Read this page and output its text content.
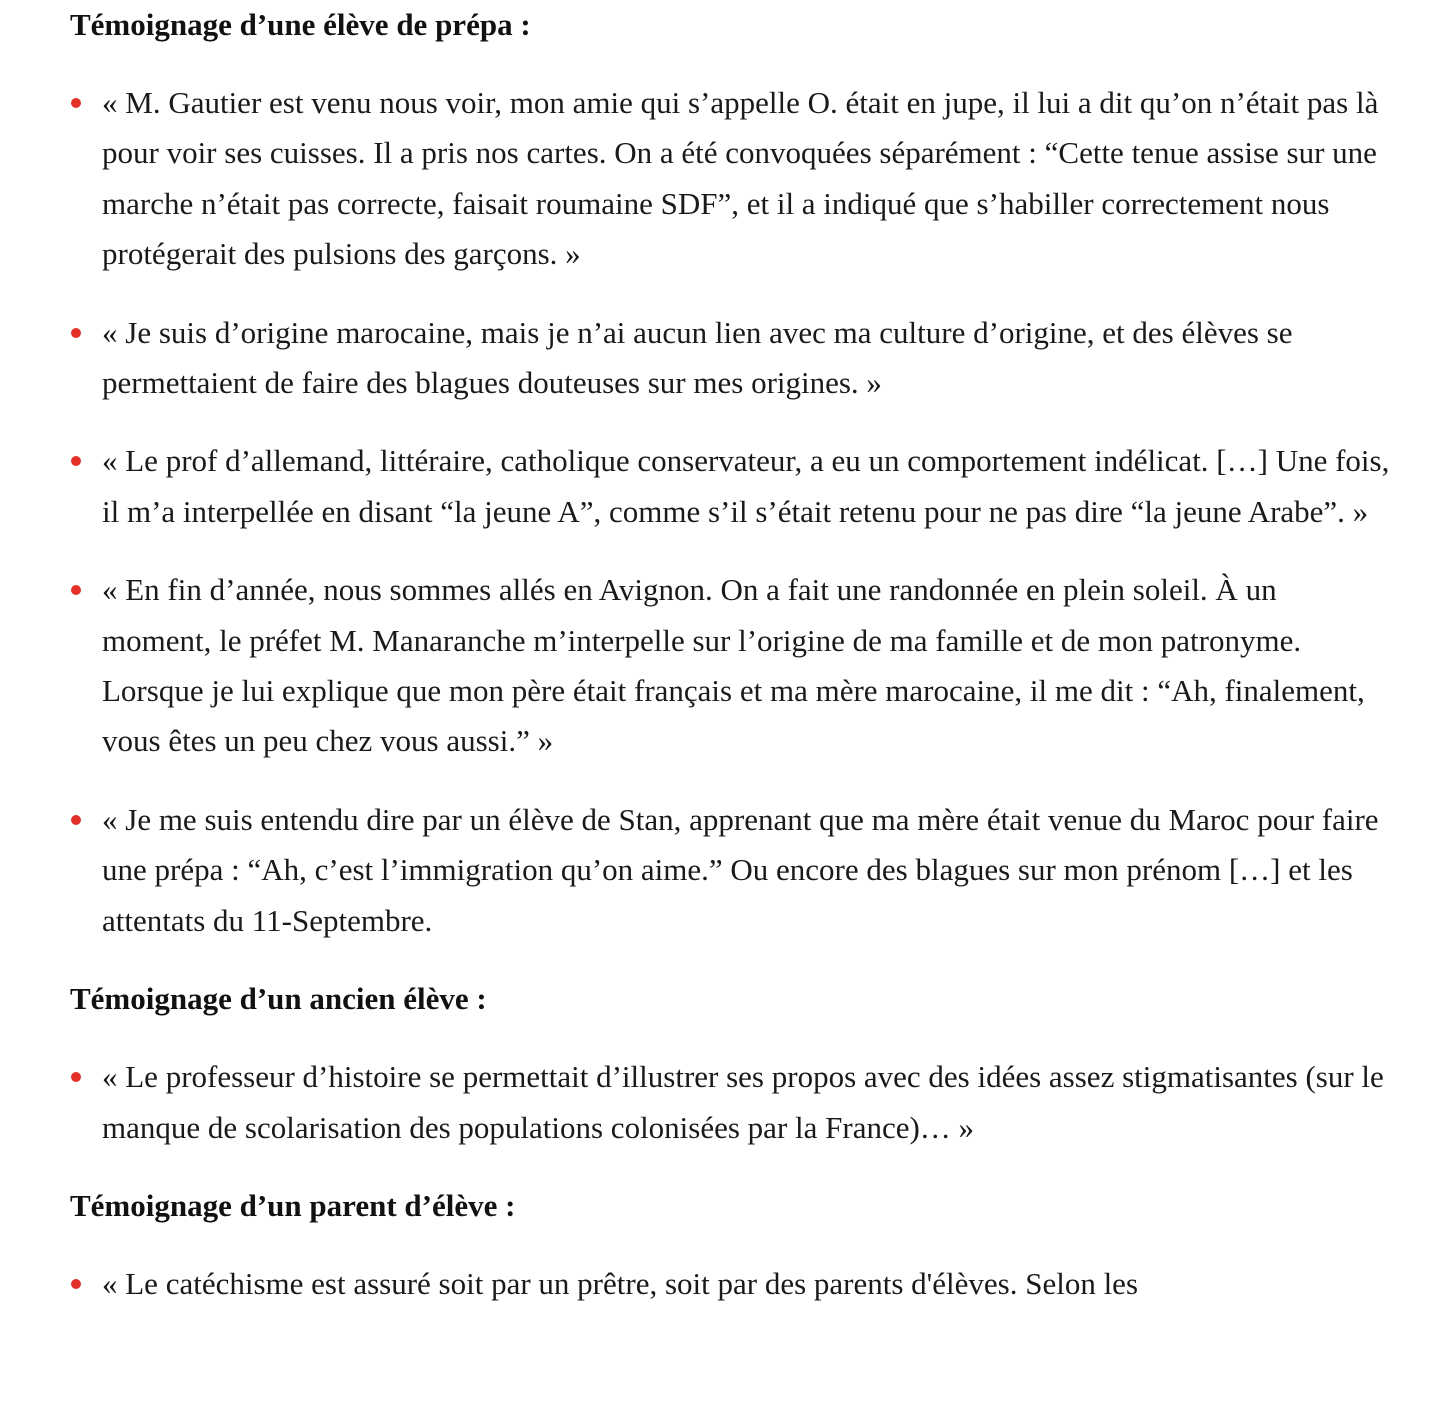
Témoignage d’une élève de prépa :
« M. Gautier est venu nous voir, mon amie qui s’appelle O. était en jupe, il lui a dit qu’on n’était pas là pour voir ses cuisses. Il a pris nos cartes. On a été convoquées séparément : “Cette tenue assise sur une marche n’était pas correcte, faisait roumaine SDF”, et il a indiqué que s’habiller correctement nous protégerait des pulsions des garçons. »
« Je suis d’origine marocaine, mais je n’ai aucun lien avec ma culture d’origine, et des élèves se permettaient de faire des blagues douteuses sur mes origines. »
« Le prof d’allemand, littéraire, catholique conservateur, a eu un comportement indélicat. […] Une fois, il m’a interpellée en disant “la jeune A”, comme s’il s’était retenu pour ne pas dire “la jeune Arabe”. »
« En fin d’année, nous sommes allés en Avignon. On a fait une randonnée en plein soleil. À un moment, le préfet M. Manaranche m’interpelle sur l’origine de ma famille et de mon patronyme. Lorsque je lui explique que mon père était français et ma mère marocaine, il me dit : “Ah, finalement, vous êtes un peu chez vous aussi.” »
« Je me suis entendu dire par un élève de Stan, apprenant que ma mère était venue du Maroc pour faire une prépa : “Ah, c’est l’immigration qu’on aime.” Ou encore des blagues sur mon prénom […] et les attentats du 11-Septembre.
Témoignage d’un ancien élève :
« Le professeur d’histoire se permettait d’illustrer ses propos avec des idées assez stigmatisantes (sur le manque de scolarisation des populations colonisées par la France)… »
Témoignage d’un parent d’élève :
« Le catéchisme est assuré soit par un prêtre, soit par des parents d'élèves. Selon les
